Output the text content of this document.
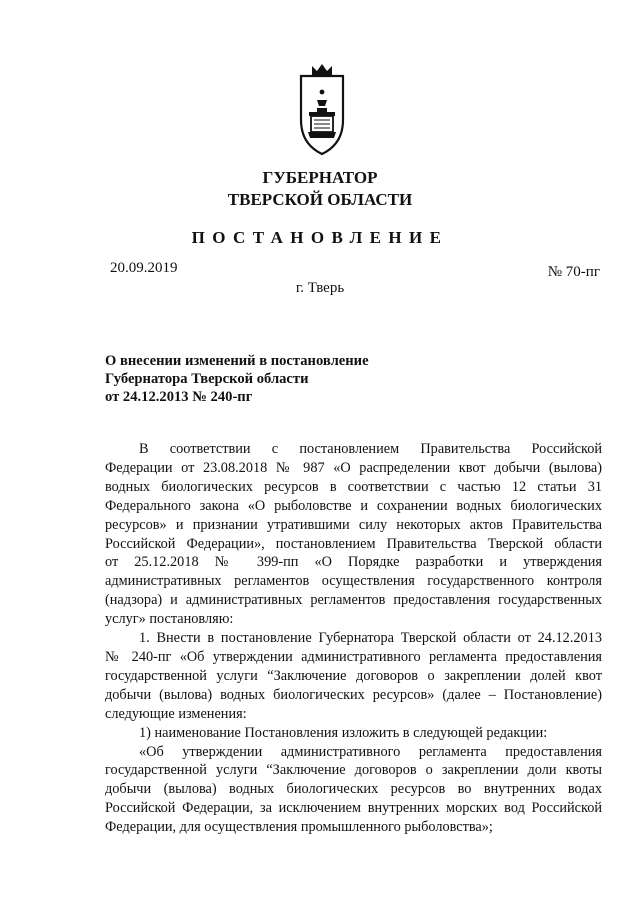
ГУБЕРНАТОР
ТВЕРСКОЙ ОБЛАСТИ
ПОСТАНОВЛЕНИЕ
20.09.2019	№ 70-пг
г. Тверь
О внесении изменений в постановление
Губернатора Тверской области
от 24.12.2013 № 240-пг
В соответствии с постановлением Правительства Российской
Федерации от 23.08.2018 № 987 «О распределении квот добычи (вылова)
водных биологических ресурсов в соответствии с частью 12 статьи 31
Федерального закона «О рыболовстве и сохранении водных биологических
ресурсов» и признании утратившими силу некоторых актов Правительства
Российской Федерации», постановлением Правительства Тверской области
от 25.12.2018 № 399-пп «О Порядке разработки и утверждения
административных регламентов осуществления государственного контроля
(надзора) и административных регламентов предоставления государственных
услуг» постановляю:
1. Внести в постановление Губернатора Тверской области от 24.12.2013
№ 240-пг «Об утверждении административного регламента предоставления
государственной услуги “Заключение договоров о закреплении долей квот
добычи (вылова) водных биологических ресурсов» (далее – Постановление)
следующие изменения:
1) наименование Постановления изложить в следующей редакции:
«Об утверждении административного регламента предоставления
государственной услуги “Заключение договоров о закреплении доли квоты
добычи (вылова) водных биологических ресурсов во внутренних водах
Российской Федерации, за исключением внутренних морских вод Российской
Федерации, для осуществления промышленного рыболовства»;
